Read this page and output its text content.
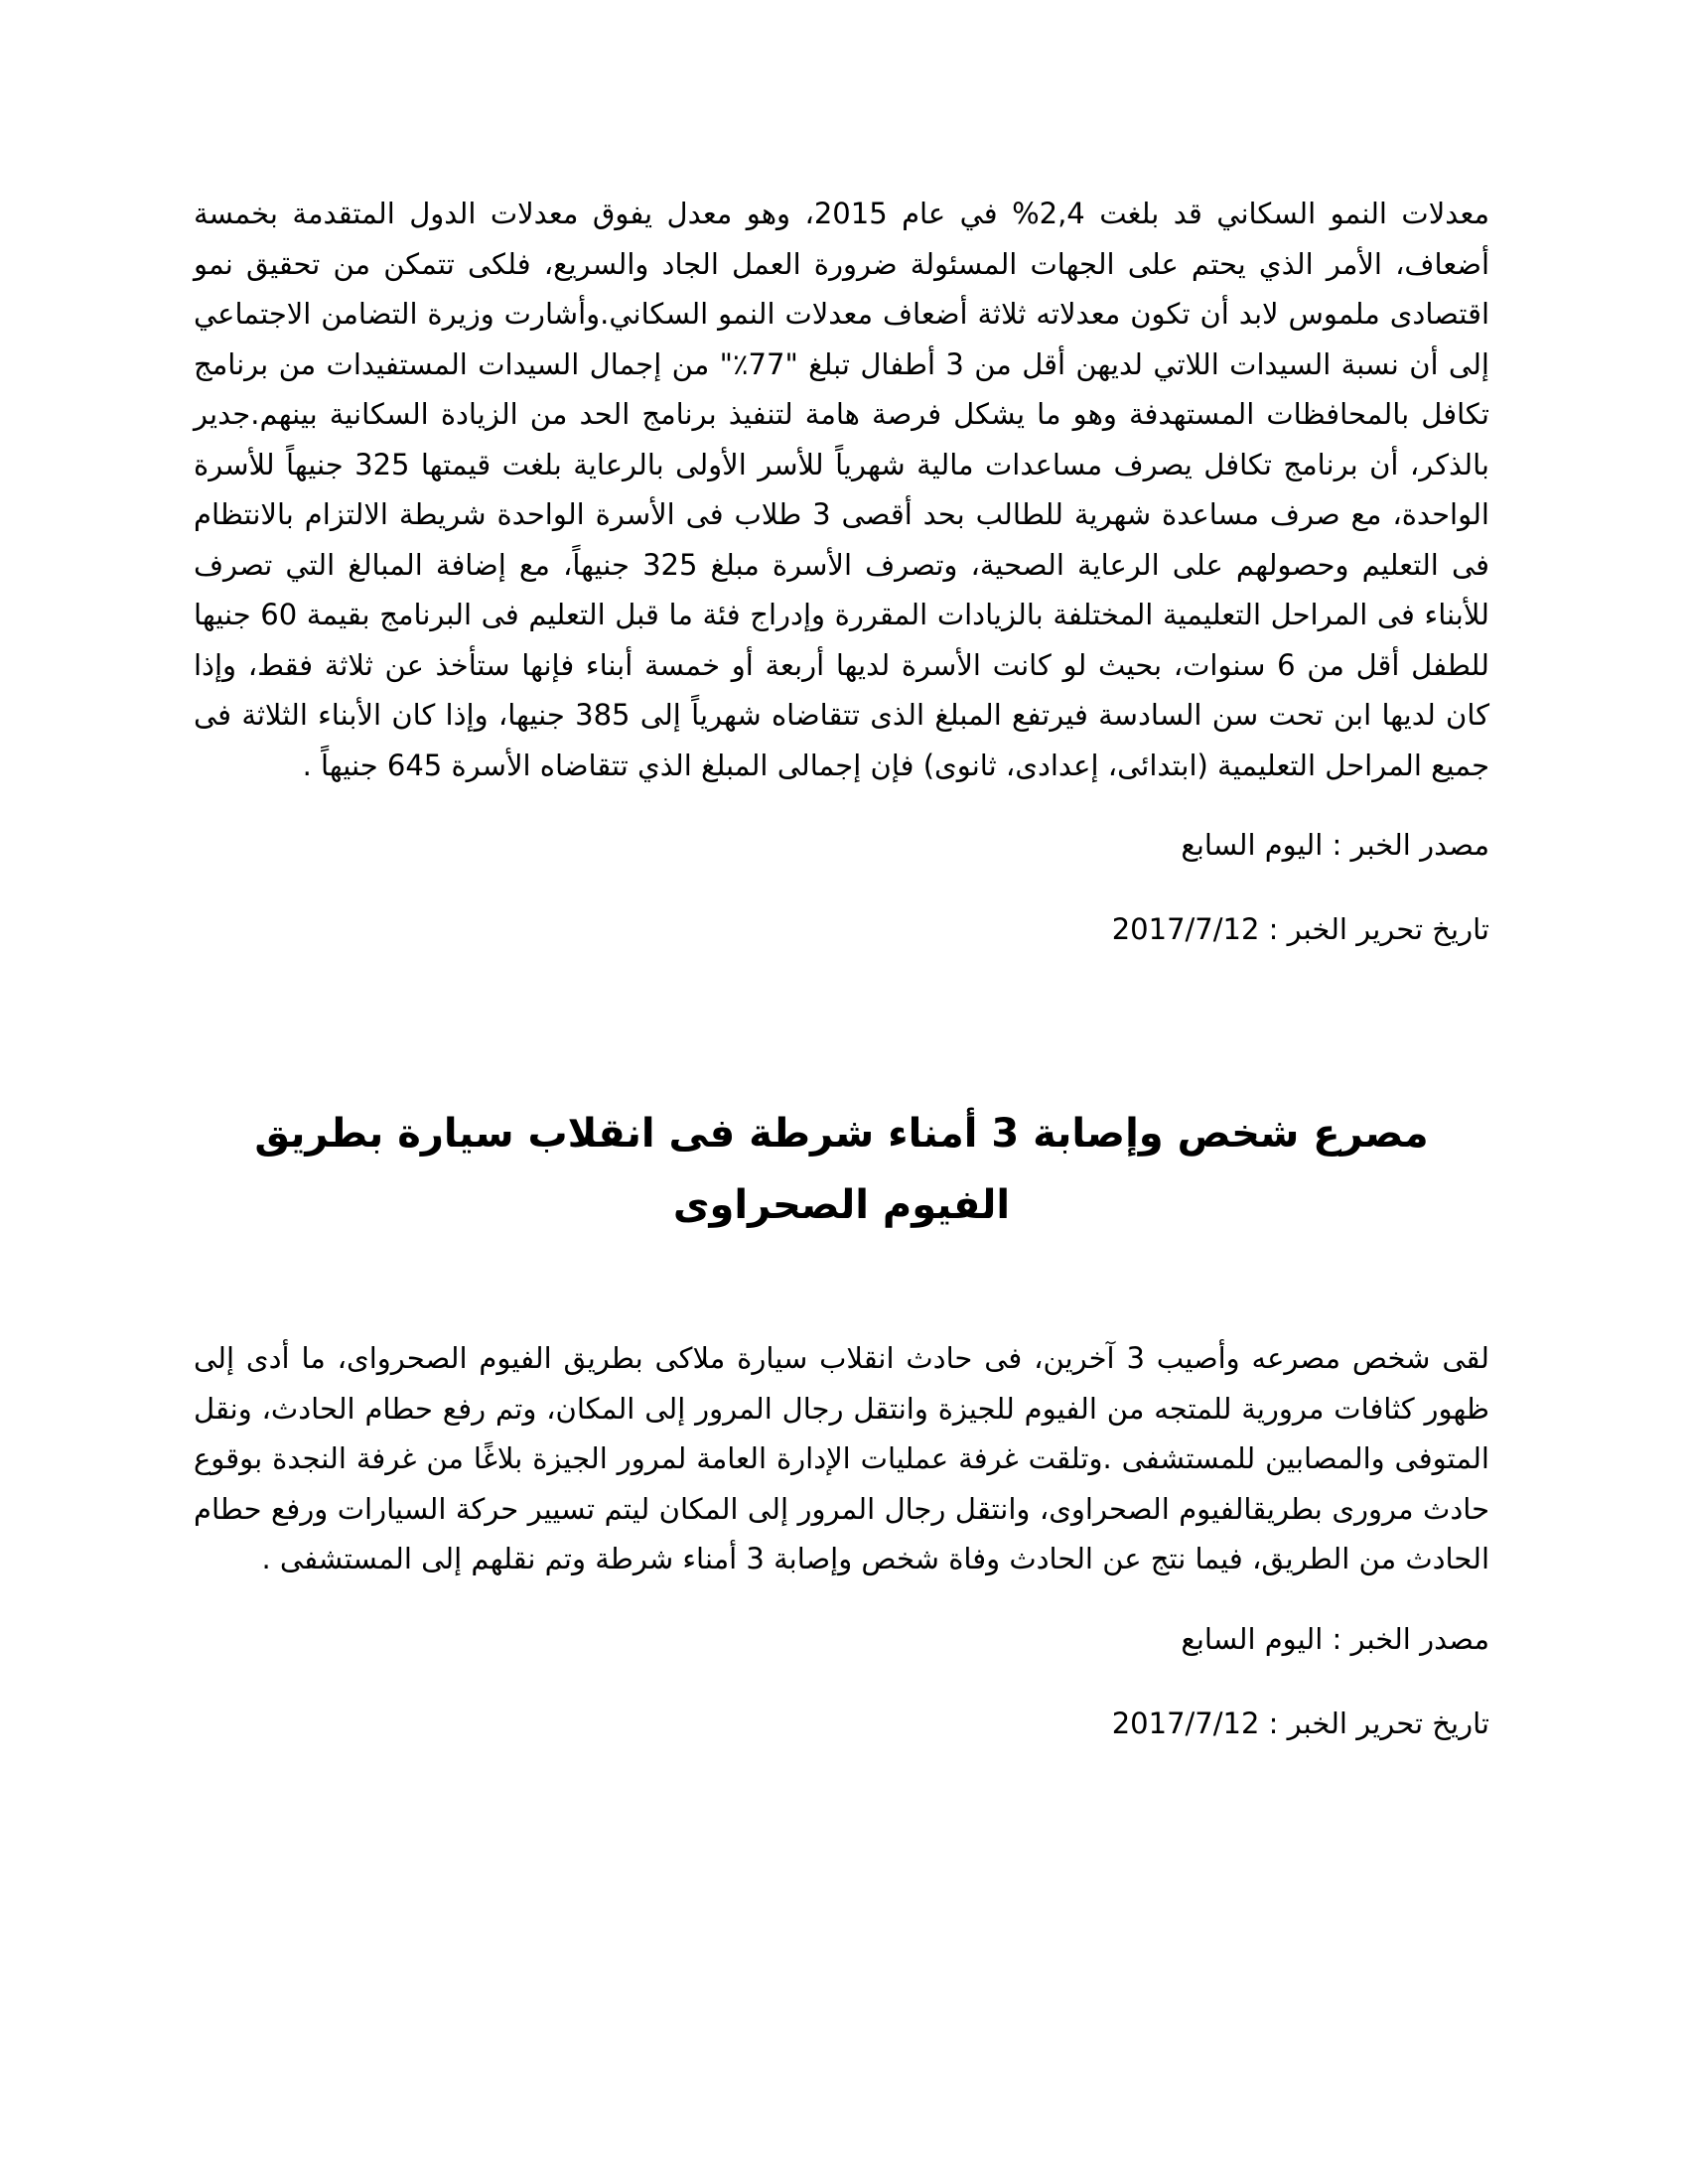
معدلات النمو السكاني قد بلغت 2,4% في عام 2015، وهو معدل يفوق معدلات الدول المتقدمة بخمسة أضعاف، الأمر الذي يحتم على الجهات المسئولة ضرورة العمل الجاد والسريع، فلكى تتمكن من تحقيق نمو اقتصادى ملموس لابد أن تكون معدلاته ثلاثة أضعاف معدلات النمو السكاني.وأشارت وزيرة التضامن الاجتماعي إلى أن نسبة السيدات اللاتي لديهن أقل من 3 أطفال تبلغ "77٪" من إجمال السيدات المستفيدات من برنامج تكافل بالمحافظات المستهدفة وهو ما يشكل فرصة هامة لتنفيذ برنامج الحد من الزيادة السكانية بينهم.جدير بالذكر، أن برنامج تكافل يصرف مساعدات مالية شهرياً للأسر الأولى بالرعاية بلغت قيمتها 325 جنيهاً للأسرة الواحدة، مع صرف مساعدة شهرية للطالب بحد أقصى 3 طلاب فى الأسرة الواحدة شريطة الالتزام بالانتظام فى التعليم وحصولهم على الرعاية الصحية، وتصرف الأسرة مبلغ 325 جنيهاً، مع إضافة المبالغ التي تصرف للأبناء فى المراحل التعليمية المختلفة بالزيادات المقررة وإدراج فئة ما قبل التعليم فى البرنامج بقيمة 60 جنيها للطفل أقل من 6 سنوات، بحيث لو كانت الأسرة لديها أربعة أو خمسة أبناء فإنها ستأخذ عن ثلاثة فقط، وإذا كان لديها ابن تحت سن السادسة فيرتفع المبلغ الذى تتقاضاه شهرياً إلى 385 جنيها، وإذا كان الأبناء الثلاثة فى جميع المراحل التعليمية (ابتدائى، إعدادى، ثانوى) فإن إجمالى المبلغ الذي تتقاضاه الأسرة 645 جنيهاً .

مصدر الخبر : اليوم السابع

تاريخ تحرير الخبر : 2017/7/12

مصرع شخص وإصابة 3 أمناء شرطة فى انقلاب سيارة بطريق الفيوم الصحراوى

لقى شخص مصرعه وأصيب 3 آخرين، فى حادث انقلاب سيارة ملاكى بطريق الفيوم الصحرواى، ما أدى إلى ظهور كثافات مرورية للمتجه من الفيوم للجيزة وانتقل رجال المرور إلى المكان، وتم رفع حطام الحادث، ونقل المتوفى والمصابين للمستشفى .وتلقت غرفة عمليات الإدارة العامة لمرور الجيزة بلاغًا من غرفة النجدة بوقوع حادث مرورى بطريقالفيوم الصحراوى، وانتقل رجال المرور إلى المكان ليتم تسيير حركة السيارات ورفع حطام الحادث من الطريق، فيما نتج عن الحادث وفاة شخص وإصابة 3 أمناء شرطة وتم نقلهم إلى المستشفى .

مصدر الخبر : اليوم السابع

تاريخ تحرير الخبر : 2017/7/12
